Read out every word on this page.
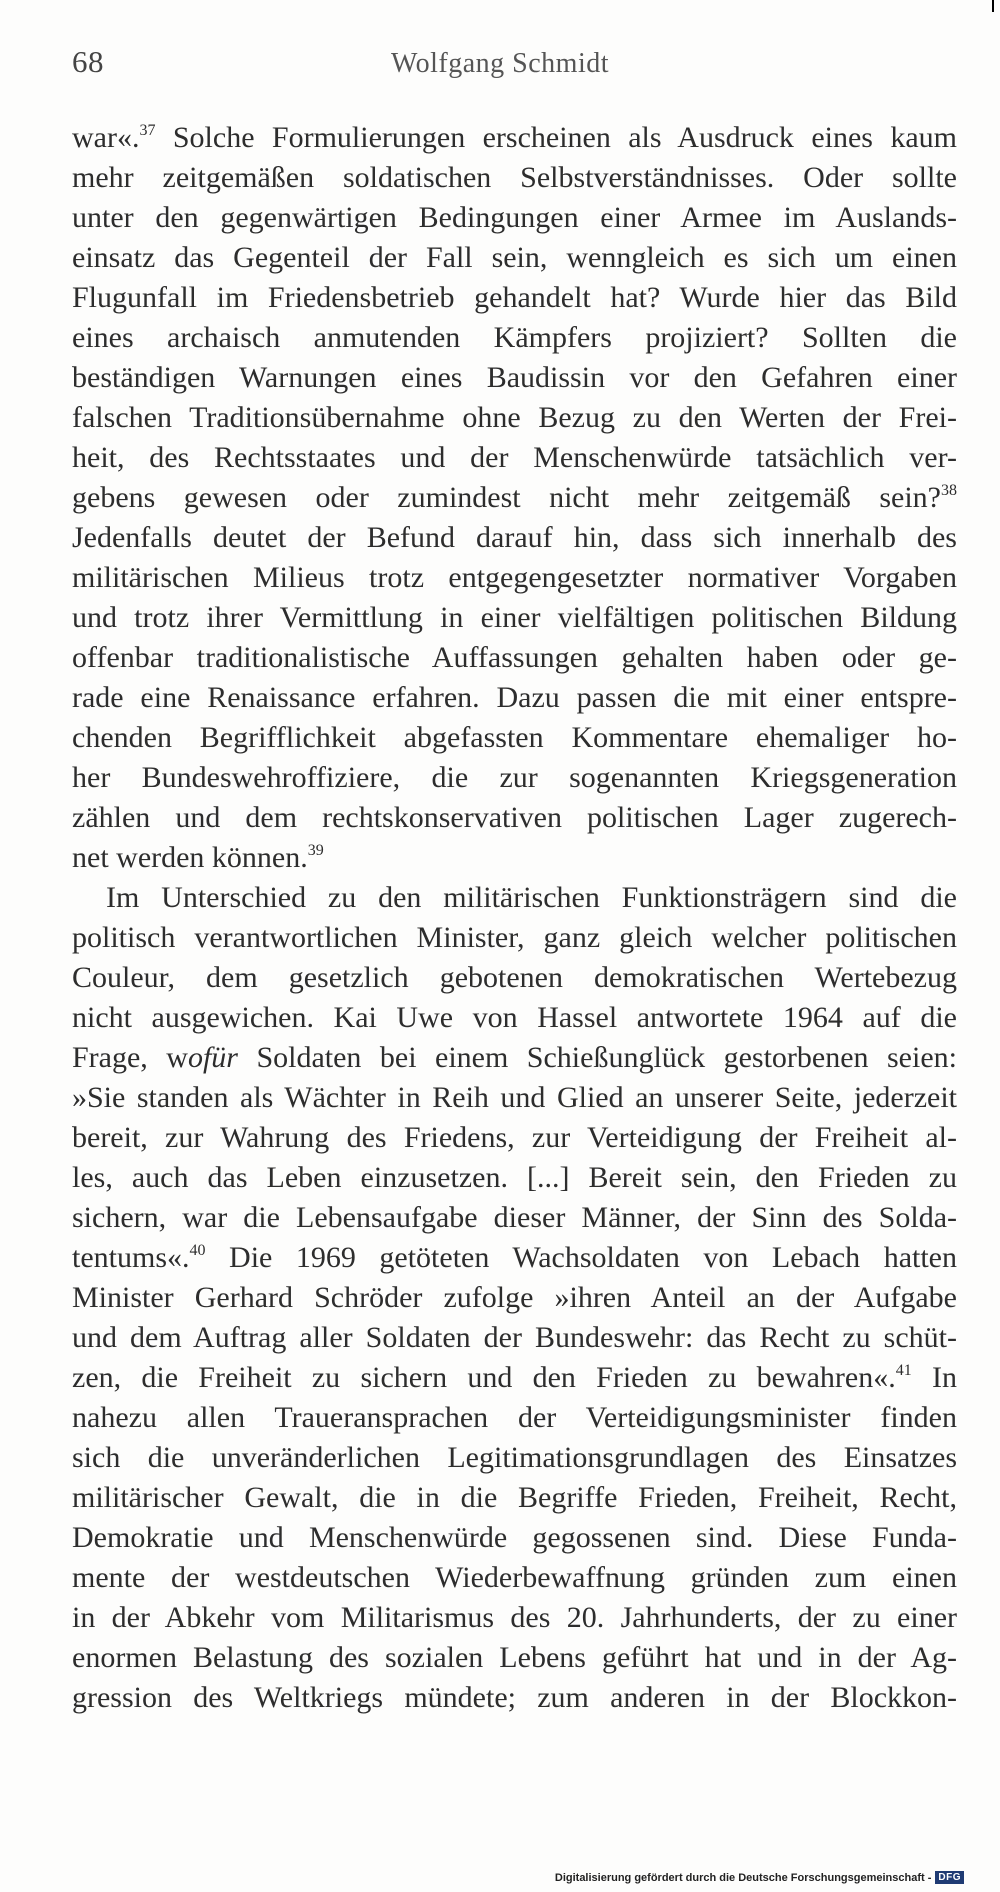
68	Wolfgang Schmidt
war«.$^{37}$ Solche Formulierungen erscheinen als Ausdruck eines kaum
mehr zeitgemäßen soldatischen Selbstverständnisses. Oder sollte
unter den gegenwärtigen Bedingungen einer Armee im Auslands-
einsatz das Gegenteil der Fall sein, wenngleich es sich um einen
Flugunfall im Friedensbetrieb gehandelt hat? Wurde hier das Bild
eines archaisch anmutenden Kämpfers projiziert? Sollten die
beständigen Warnungen eines Baudissin vor den Gefahren einer
falschen Traditionsübernahme ohne Bezug zu den Werten der Frei-
heit, des Rechtsstaates und der Menschenwürde tatsächlich ver-
gebens gewesen oder zumindest nicht mehr zeitgemäß sein?$^{38}$
Jedenfalls deutet der Befund darauf hin, dass sich innerhalb des
militärischen Milieus trotz entgegengesetzter normativer Vorgaben
und trotz ihrer Vermittlung in einer vielfältigen politischen Bildung
offenbar traditionalistische Auffassungen gehalten haben oder ge-
rade eine Renaissance erfahren. Dazu passen die mit einer entspre-
chenden Begrifflichkeit abgefassten Kommentare ehemaliger ho-
her Bundeswehroffiziere, die zur sogenannten Kriegsgeneration
zählen und dem rechtskonservativen politischen Lager zugerech-
net werden können.$^{39}$
Im Unterschied zu den militärischen Funktionsträgern sind die
politisch verantwortlichen Minister, ganz gleich welcher politischen
Couleur, dem gesetzlich gebotenen demokratischen Wertebezug
nicht ausgewichen. Kai Uwe von Hassel antwortete 1964 auf die
Frage, wofür Soldaten bei einem Schießunglück gestorbenen seien:
»Sie standen als Wächter in Reih und Glied an unserer Seite, jederzeit
bereit, zur Wahrung des Friedens, zur Verteidigung der Freiheit al-
les, auch das Leben einzusetzen. [...] Bereit sein, den Frieden zu
sichern, war die Lebensaufgabe dieser Männer, der Sinn des Solda-
tentums«.$^{40}$ Die 1969 getöteten Wachsoldaten von Lebach hatten
Minister Gerhard Schröder zufolge »ihren Anteil an der Aufgabe
und dem Auftrag aller Soldaten der Bundeswehr: das Recht zu schüt-
zen, die Freiheit zu sichern und den Frieden zu bewahren«.$^{41}$ In
nahezu allen Traueransprachen der Verteidigungsminister finden
sich die unveränderlichen Legitimationsgrundlagen des Einsatzes
militärischer Gewalt, die in die Begriffe Frieden, Freiheit, Recht,
Demokratie und Menschenwürde gegossenen sind. Diese Funda-
mente der westdeutschen Wiederbewaffnung gründen zum einen
in der Abkehr vom Militarismus des 20. Jahrhunderts, der zu einer
enormen Belastung des sozialen Lebens geführt hat und in der Ag-
gression des Weltkriegs mündete; zum anderen in der Blockkon-
Digitalisierung gefördert durch die Deutsche Forschungsgemeinschaft - DFG
